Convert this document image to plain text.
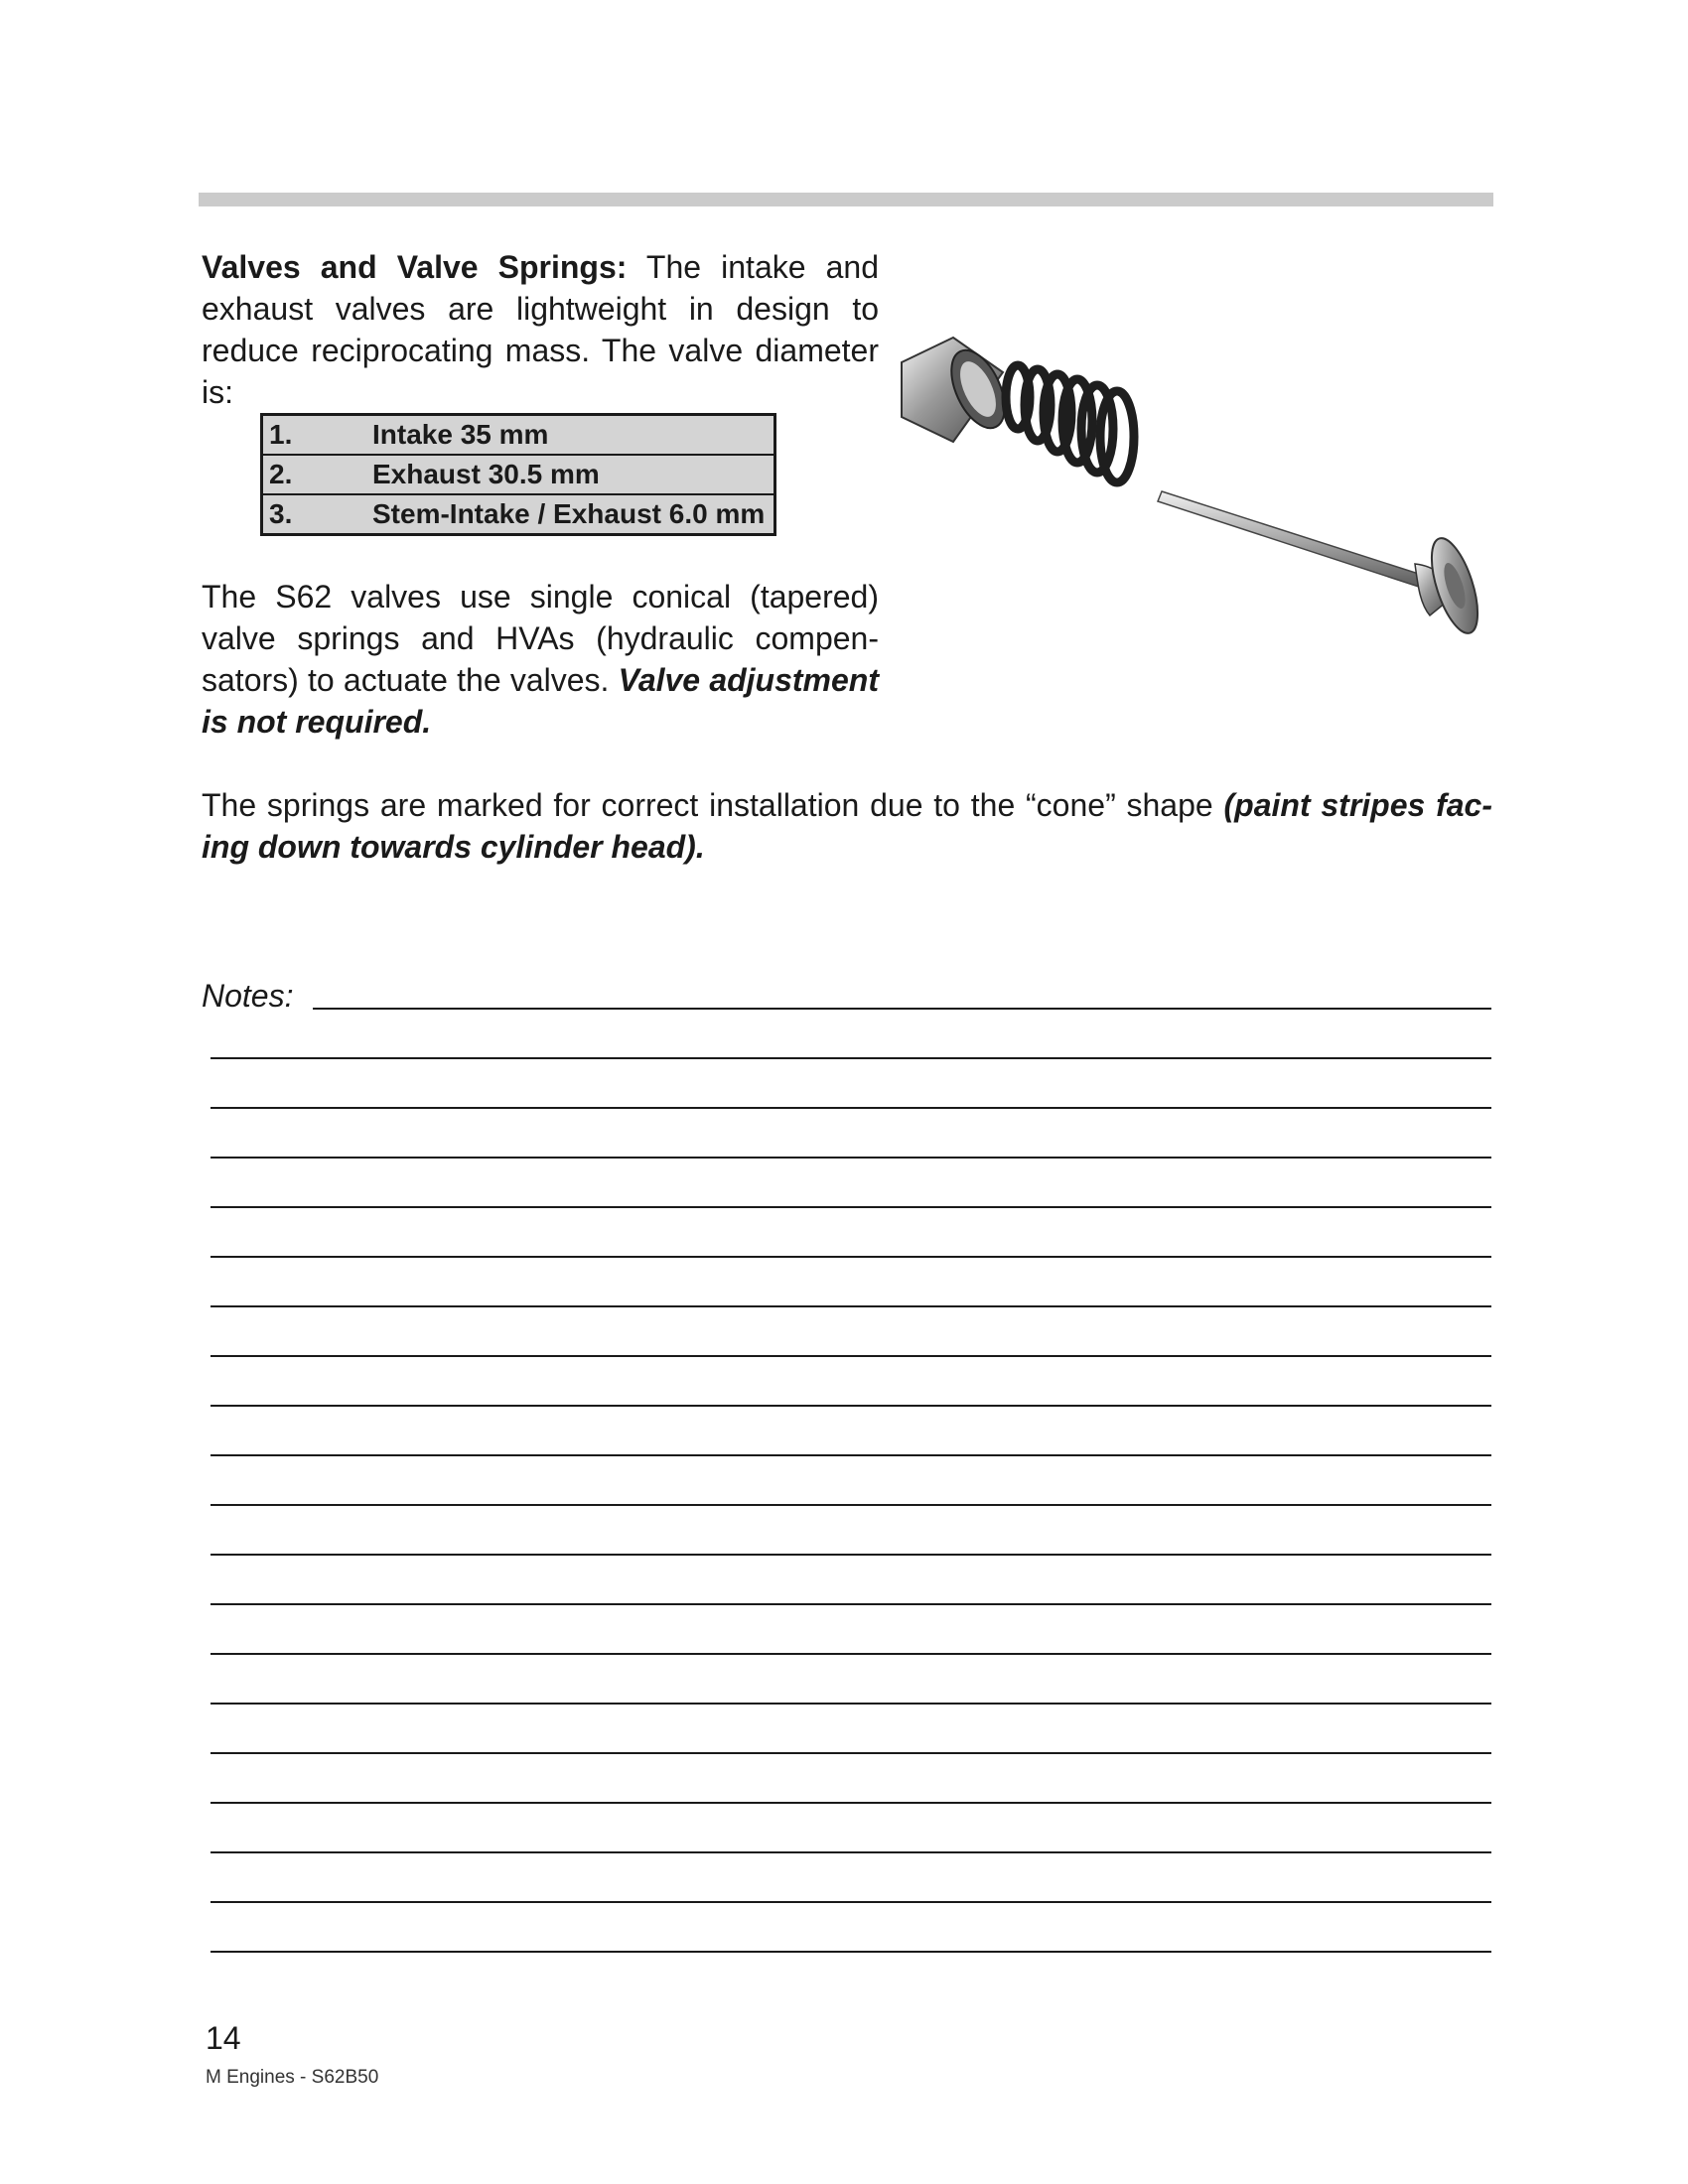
Valves and Valve Springs: The intake and exhaust valves are lightweight in design to reduce reciprocating mass. The valve diameter is:

1.	Intake 35 mm
2.	Exhaust 30.5 mm
3.	Stem-Intake / Exhaust 6.0 mm

The S62 valves use single conical (tapered) valve springs and HVAs (hydraulic compen-sators) to actuate the valves. Valve adjustment is not required.

The springs are marked for correct installation due to the “cone” shape (paint stripes fac-ing down towards cylinder head).

Notes:
14
M Engines - S62B50
